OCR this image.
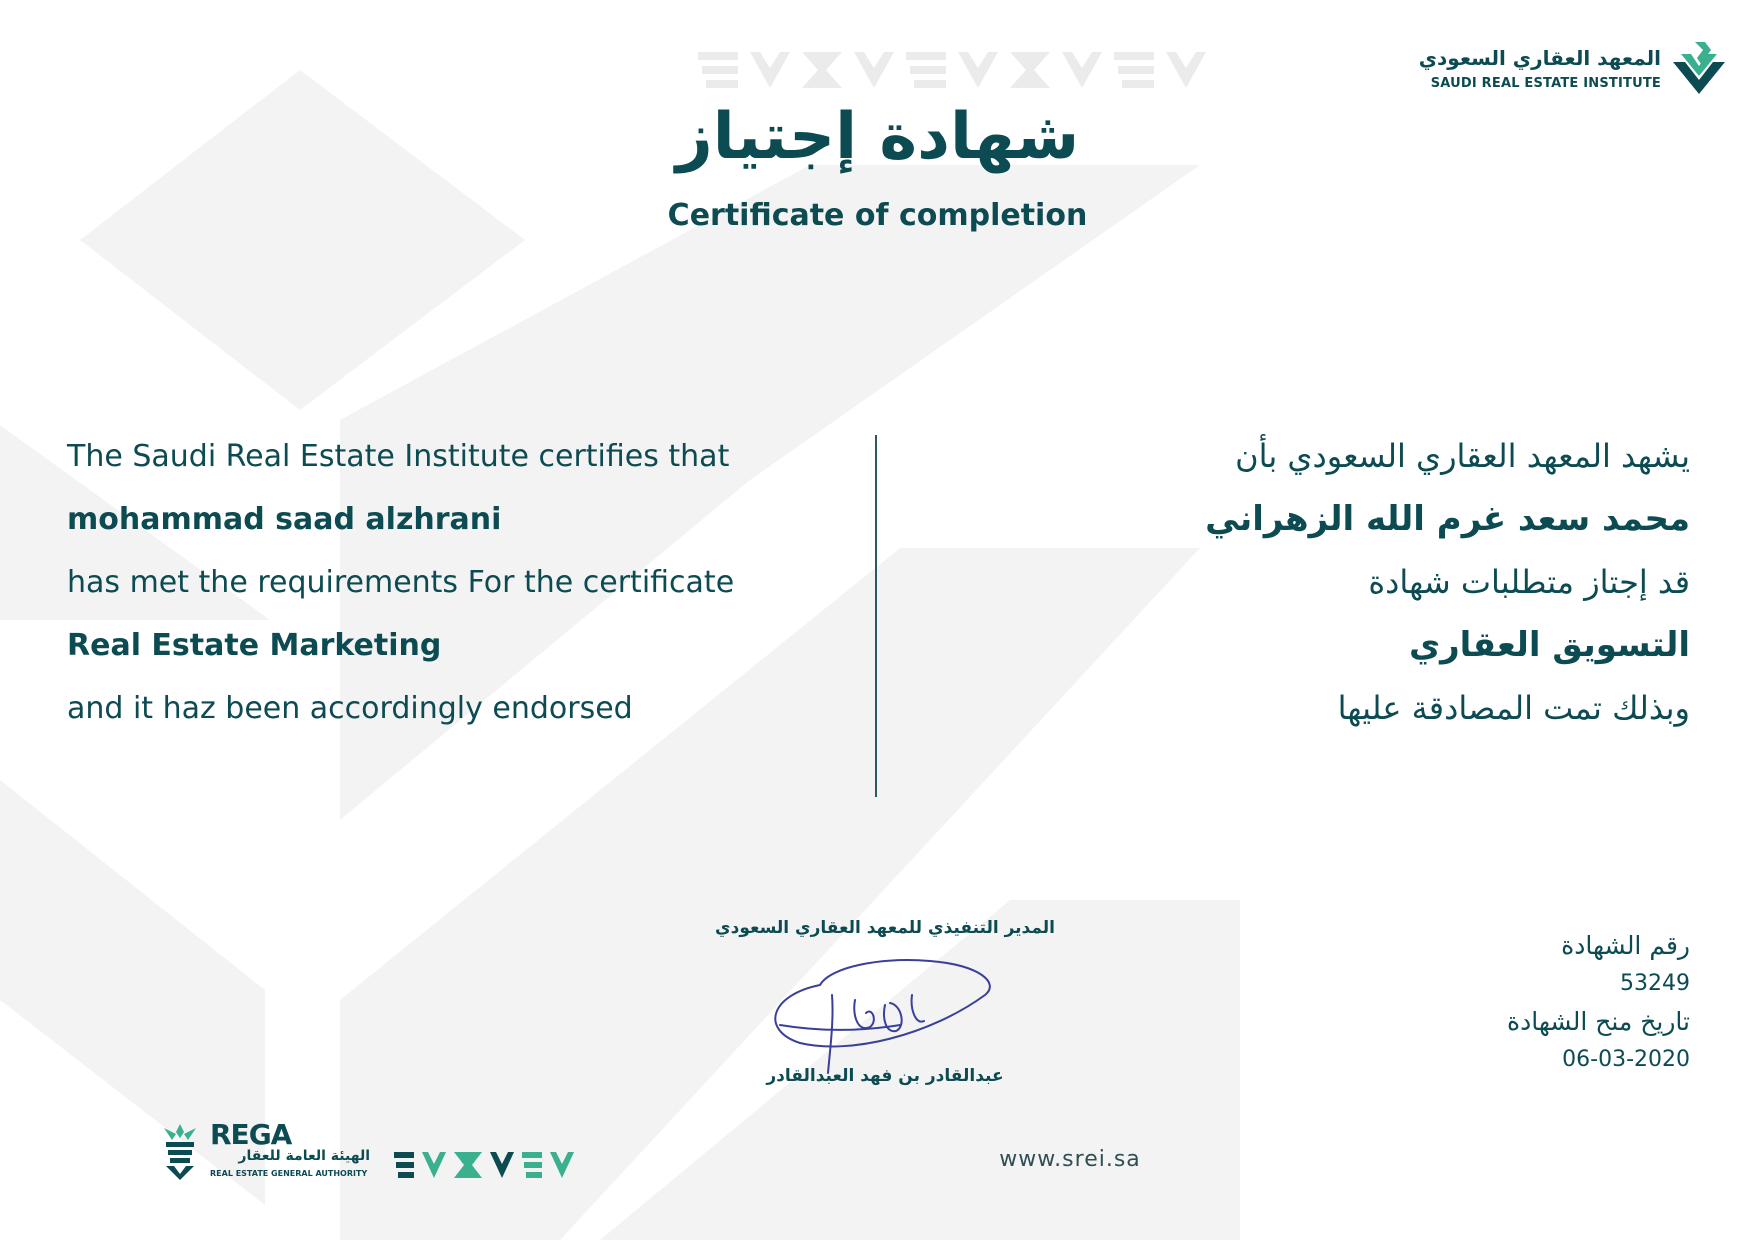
المعهد العقاري السعودي
SAUDI REAL ESTATE INSTITUTE
شهادة إجتياز
Certificate of completion
The Saudi Real Estate Institute certifies that
mohammad saad alzhrani
has met the requirements For the certificate
Real Estate Marketing
and it haz been accordingly endorsed
يشهد المعهد العقاري السعودي بأن
محمد سعد غرم الله الزهراني
قد إجتاز متطلبات شهادة
التسويق العقاري
وبذلك تمت المصادقة عليها
المدير التنفيذي للمعهد العقاري السعودي
عبدالقادر بن فهد العبدالقادر
رقم الشهادة
53249
تاريخ منح الشهادة
06-03-2020
REGA
الهيئة العامة للعقار
REAL ESTATE GENERAL AUTHORITY
www.srei.sa
